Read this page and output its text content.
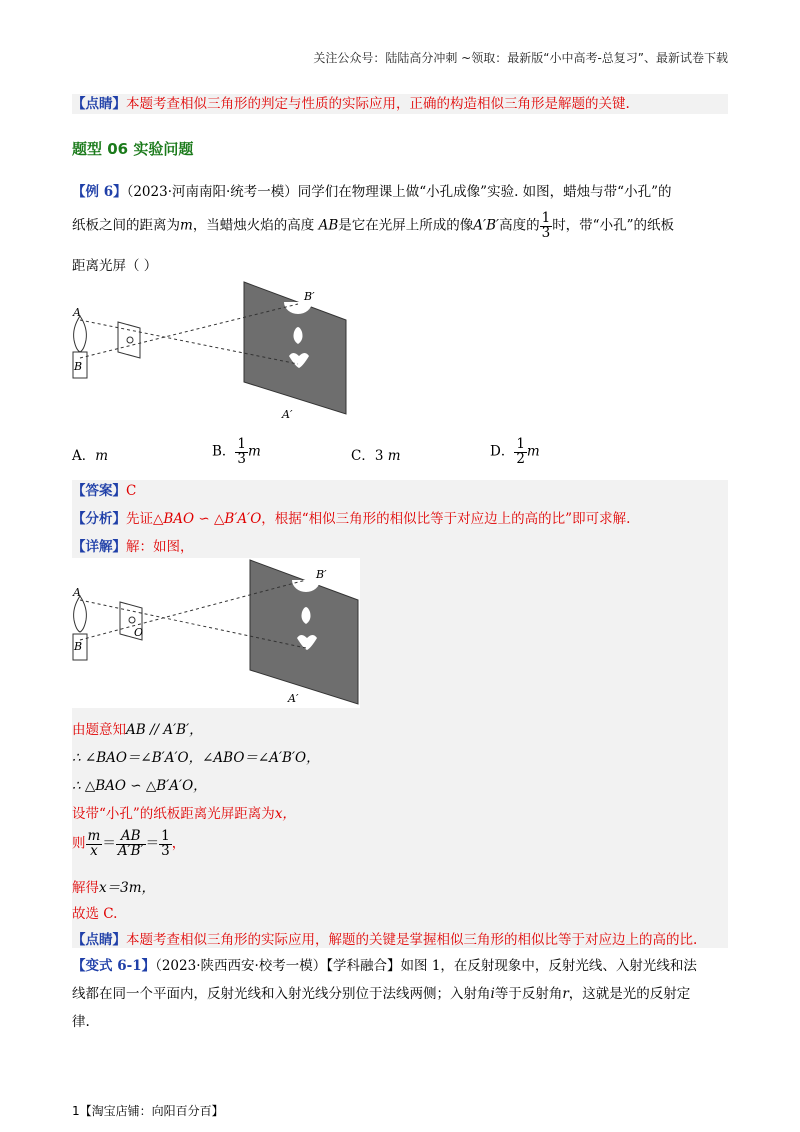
关注公众号：陆陆高分冲刺 ~领取：最新版“小中高考-总复习”、最新试卷下载
【点睛】本题考查相似三角形的判定与性质的实际应用，正确的构造相似三角形是解题的关键.
题型 06 实验问题
【例 6】（2023·河南南阳·统考一模）同学们在物理课上做“小孔成像”实验. 如图，蜡烛与带“小孔”的
纸板之间的距离为m，当蜡烛火焰的高度 AB是它在光屏上所成的像A′B′高度的 $\frac{1}{3}$ 时，带“小孔”的纸板
距离光屏（ ）
A
B
B′
A′
A．m	B． $\frac{1}{3}$ m	C．3 m	D． $\frac{1}{2}$ m
【答案】C
【分析】先证△BAO ∽ △B′A′O，根据“相似三角形的相似比等于对应边上的高的比”即可求解.
【详解】解：如图，
A
B
O
B′
A′
由题意知AB // A′B′，
∴ ∠BAO＝∠B′A′O，∠ABO＝∠A′B′O，
∴ △BAO ∽ △B′A′O，
设带“小孔”的纸板距离光屏距离为x，
则 $\frac{m}{x} = \frac{AB}{A'B'} = \frac{1}{3}$ ，
解得x＝3m，
故选 C.
【点睛】本题考查相似三角形的实际应用，解题的关键是掌握相似三角形的相似比等于对应边上的高的比.
【变式 6-1】（2023·陕西西安·校考一模）【学科融合】如图 1，在反射现象中，反射光线、入射光线和法
线都在同一个平面内，反射光线和入射光线分别位于法线两侧；入射角i等于反射角r，这就是光的反射定
律.
1【淘宝店铺：向阳百分百】
